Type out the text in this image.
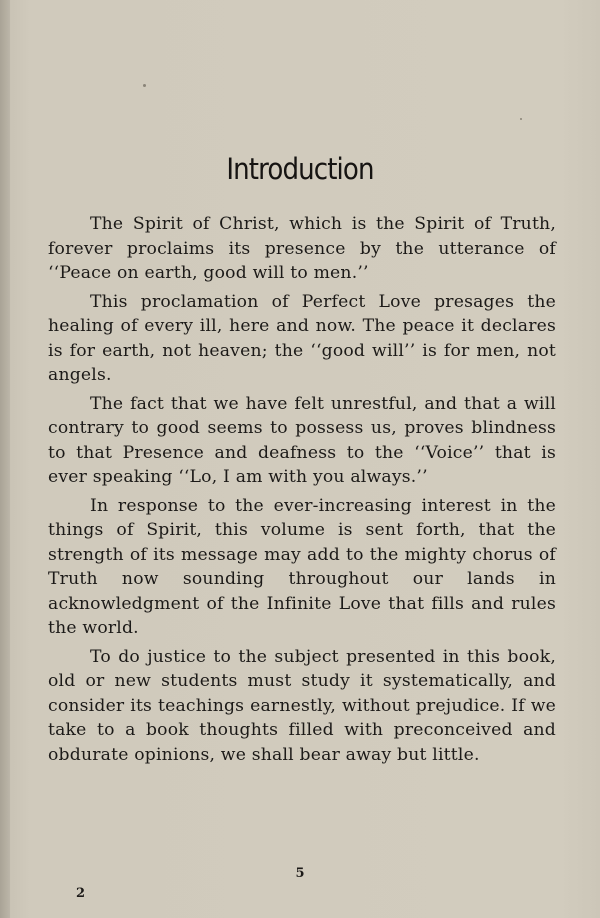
Introduction

The Spirit of Christ, which is the Spirit of Truth, forever proclaims its presence by the utterance of ‘‘Peace on earth, good will to men.’’

This proclamation of Perfect Love presages the healing of every ill, here and now. The peace it declares is for earth, not heaven; the ‘‘good will’’ is for men, not angels.

The fact that we have felt unrestful, and that a will contrary to good seems to possess us, proves blindness to that Presence and deafness to the ‘‘Voice’’ that is ever speaking ‘‘Lo, I am with you always.’’

In response to the ever-increasing interest in the things of Spirit, this volume is sent forth, that the strength of its message may add to the mighty chorus of Truth now sounding throughout our lands in acknowledgment of the Infinite Love that fills and rules the world.

To do justice to the subject presented in this book, old or new students must study it systematically, and consider its teachings earnestly, without prejudice. If we take to a book thoughts filled with preconceived and obdurate opinions, we shall bear away but little.

5
2
